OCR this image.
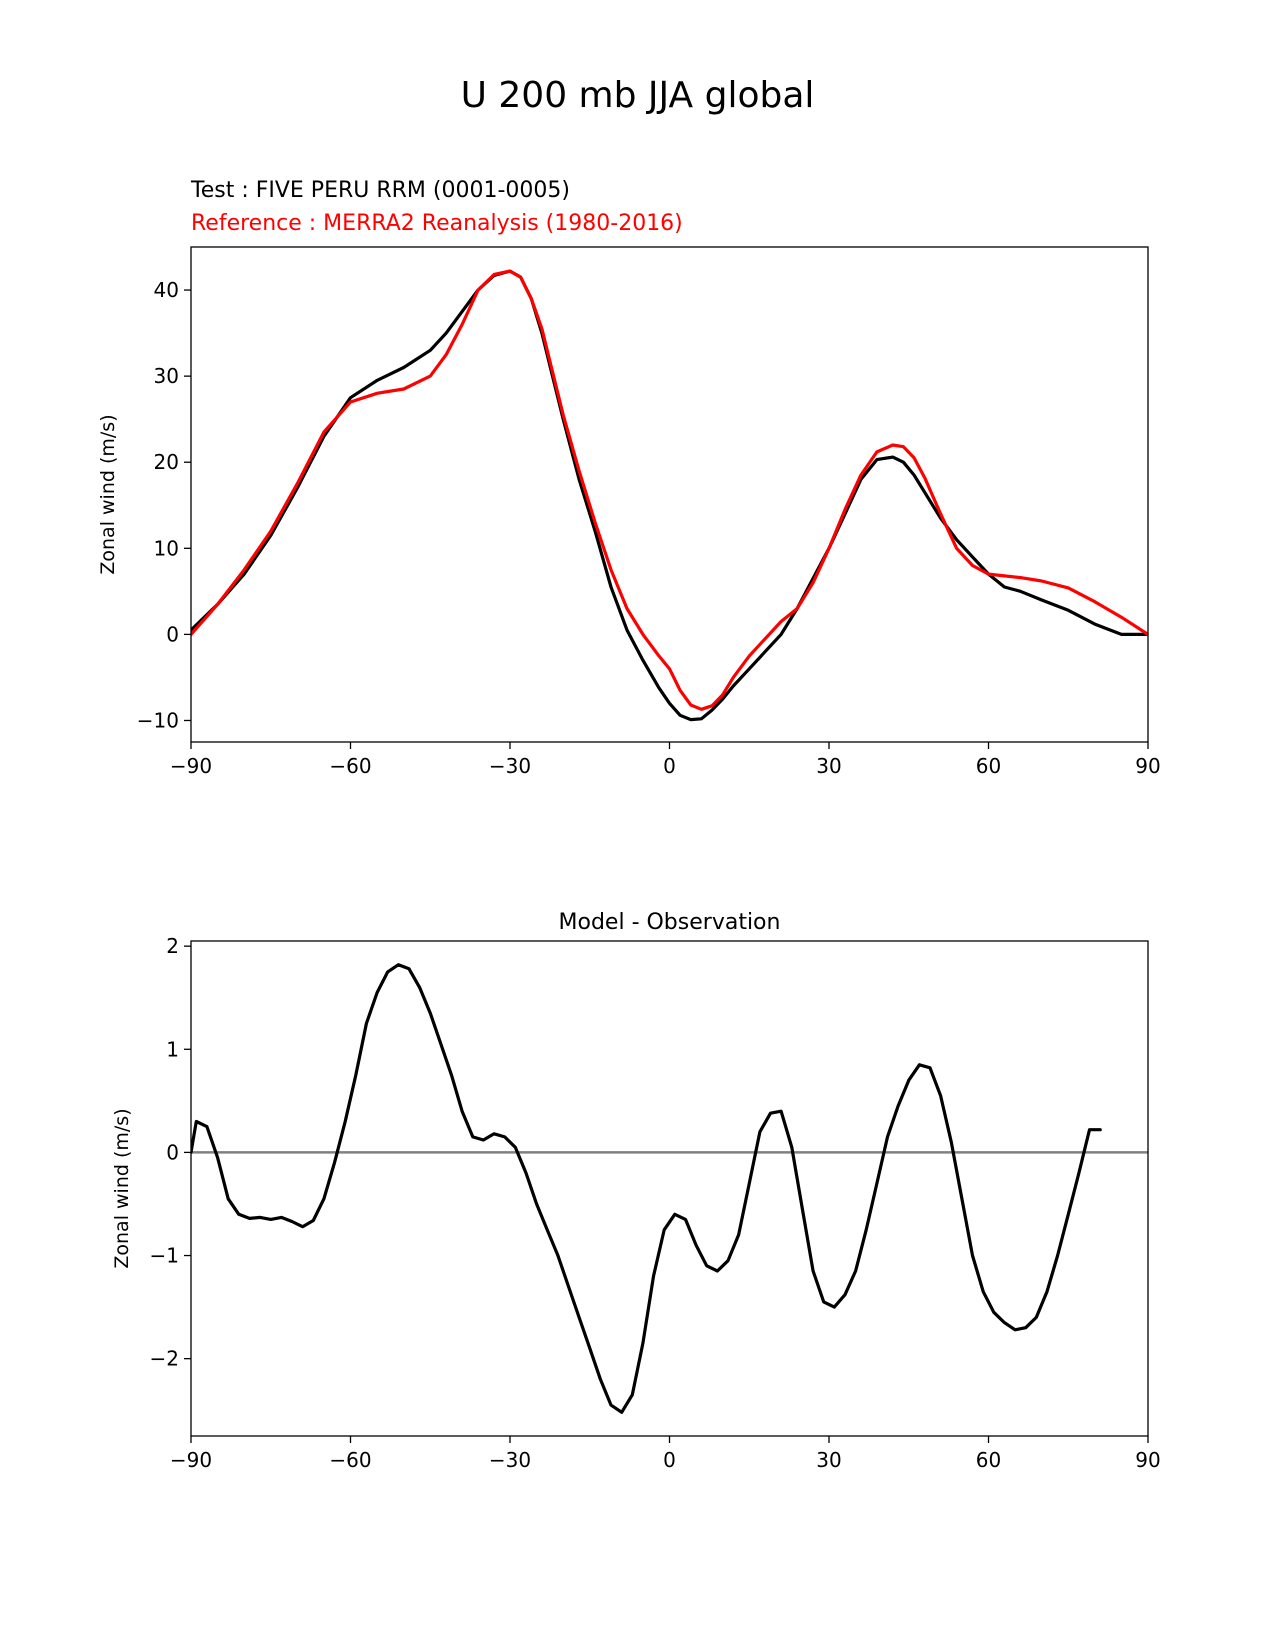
U 200 mb JJA global
Test : FIVE PERU RRM (0001-0005)
Reference : MERRA2 Reanalysis (1980-2016)
−90	−60	−30	0	30	60	90
−10
0
10
20
30
40
Zonal wind (m/s)
Model - Observation
−90	−60	−30	0	30	60	90
−2
−1
0
1
2
Zonal wind (m/s)
